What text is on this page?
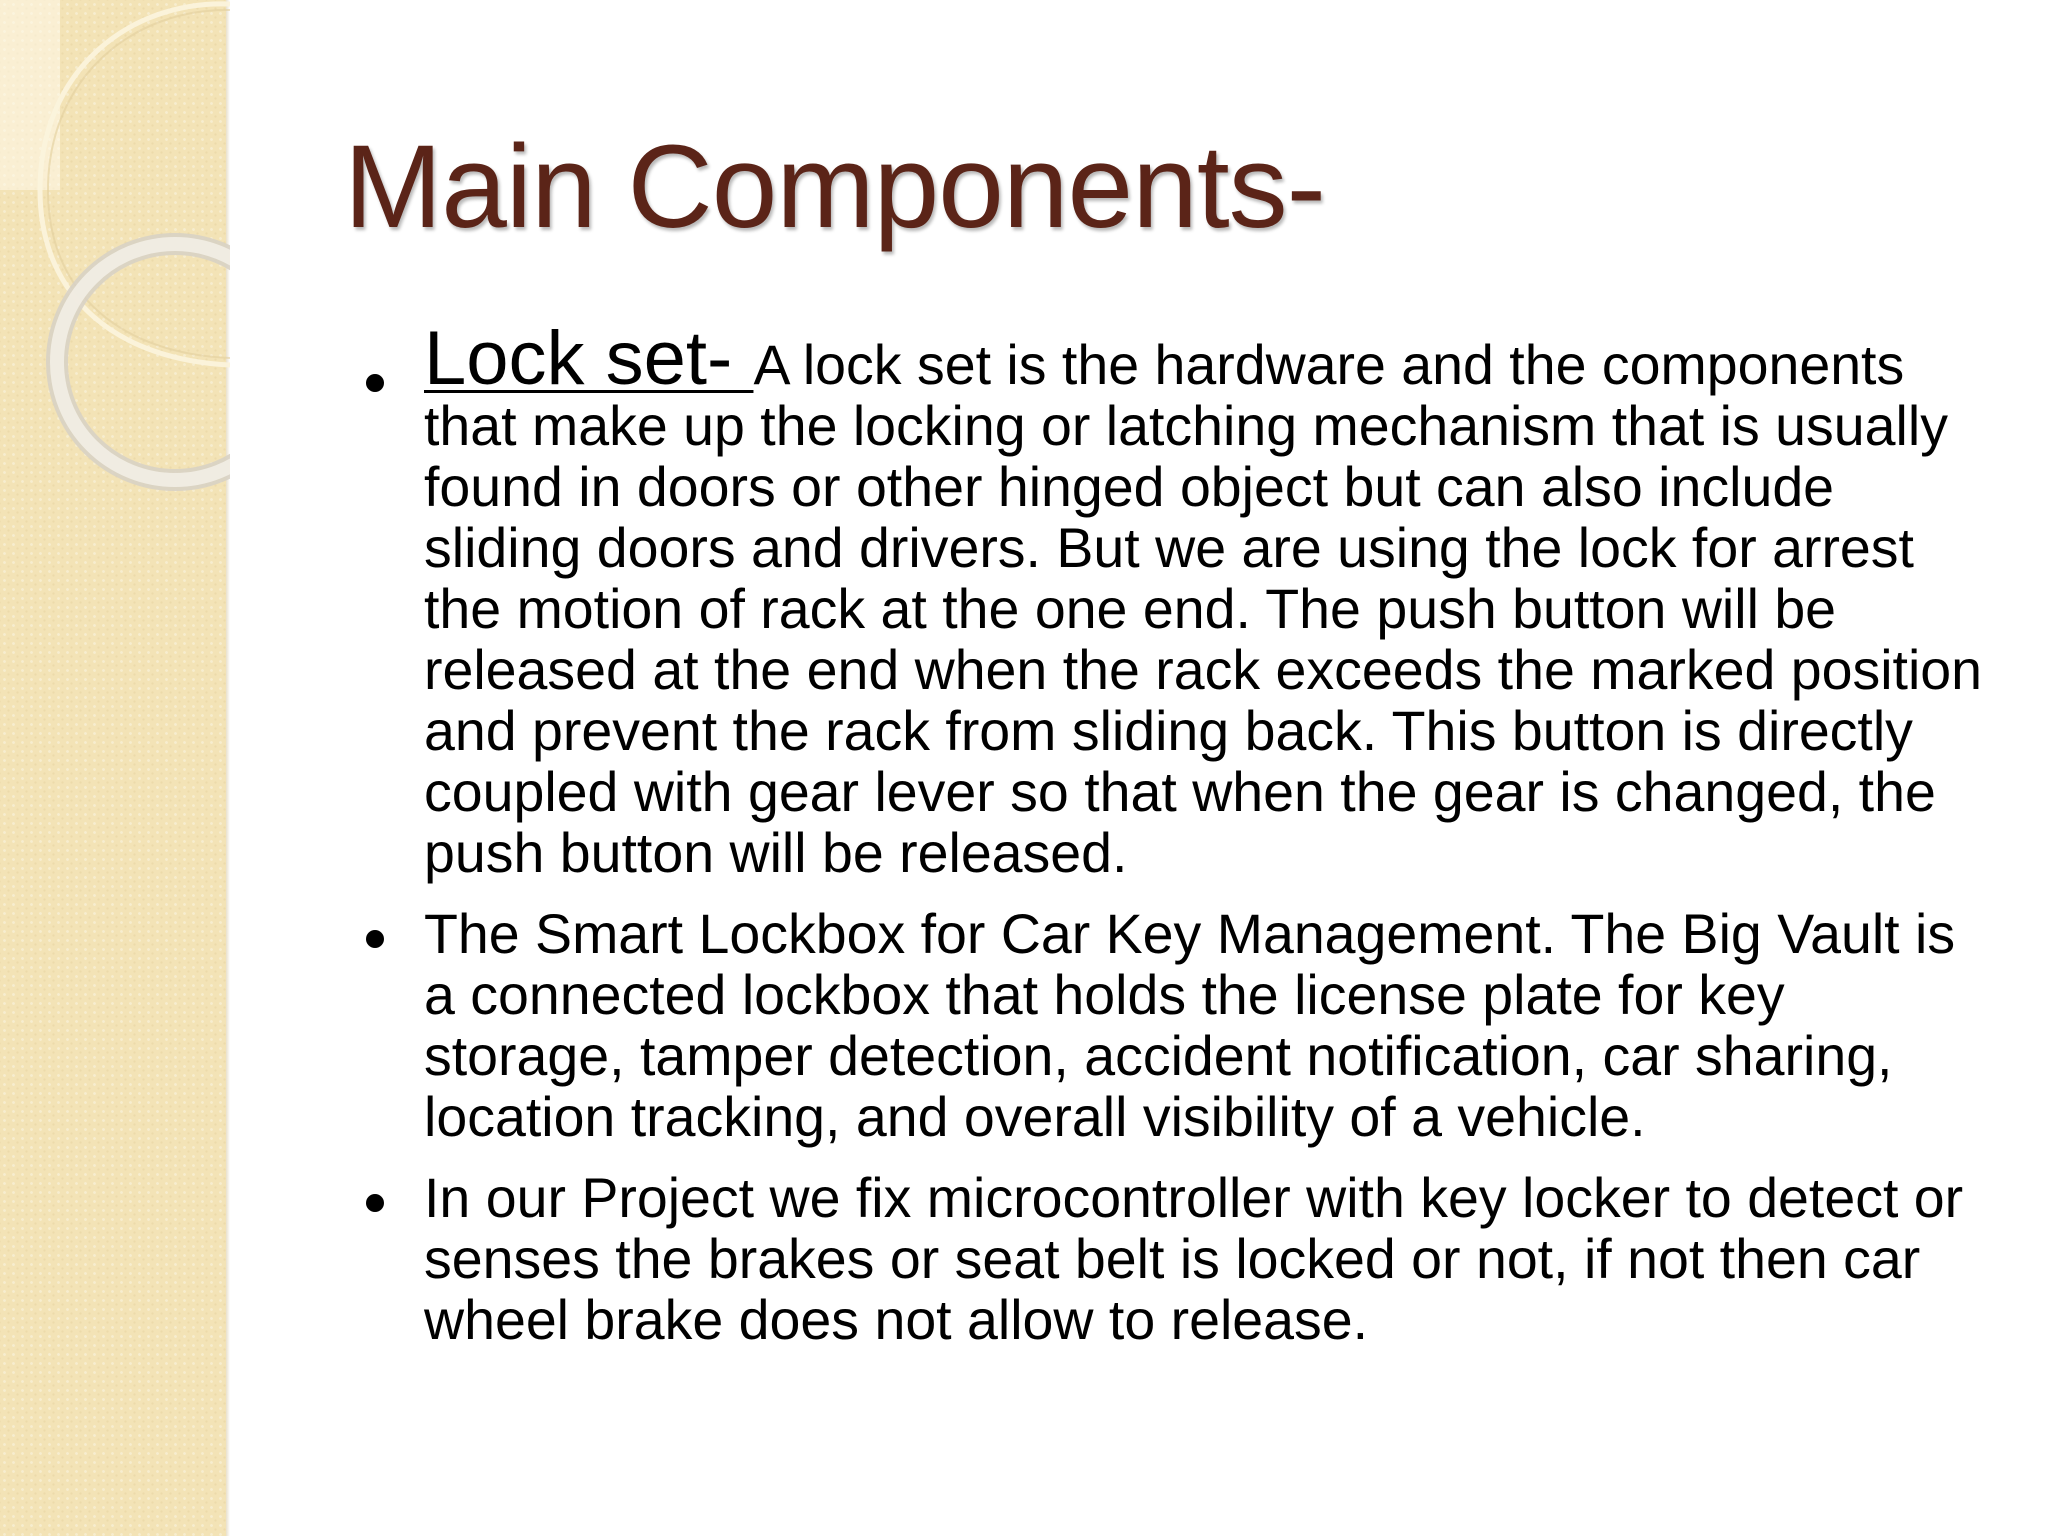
Main Components-
Lock set- A lock set is the hardware and the components that make up the locking or latching mechanism that is usually found in doors or other hinged object but can also include sliding doors and drivers. But we are using the lock for arrest the motion of rack at the one end. The push button will be released at the end when the rack exceeds the marked position and prevent the rack from sliding back. This button is directly coupled with gear lever so that when the gear is changed, the push button will be released.
The Smart Lockbox for Car Key Management. The Big Vault is a connected lockbox that holds the license plate for key storage, tamper detection, accident notification, car sharing, location tracking, and overall visibility of a vehicle.
In our Project we fix microcontroller with key locker to detect or senses the brakes or seat belt is locked or not, if not then car wheel brake does not allow to release.
